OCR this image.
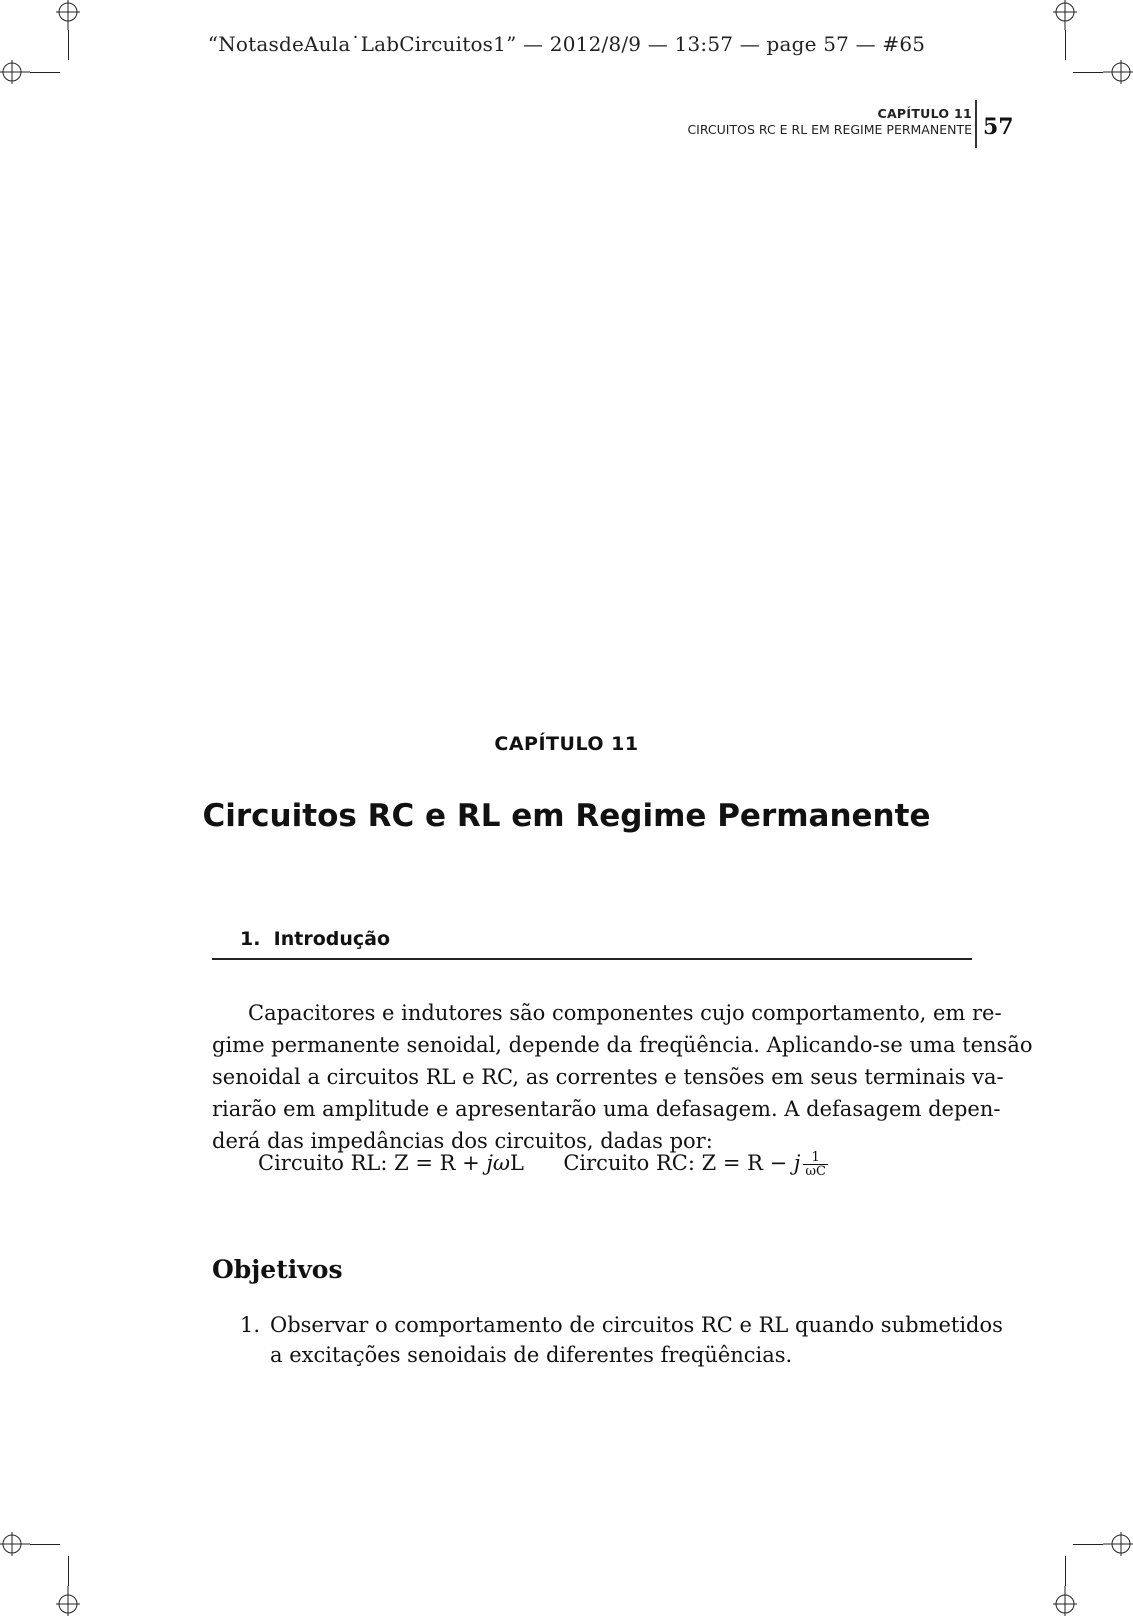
“NotasdeAula˙LabCircuitos1” — 2012/8/9 — 13:57 — page 57 — #65
CAPÍTULO 11
CIRCUITOS RC E RL EM REGIME PERMANENTE 57
CAPÍTULO 11
Circuitos RC e RL em Regime Permanente
1.  Introdução
Capacitores e indutores são componentes cujo comportamento, em re-
gime permanente senoidal, depende da freqüência. Aplicando-se uma tensão
senoidal a circuitos RL e RC, as correntes e tensões em seus terminais va-
riarão em amplitude e apresentarão uma defasagem. A defasagem depen-
derá das impedâncias dos circuitos, dadas por:
Circuito RL: Z = R + jωL Circuito RC: Z = R − j $\frac{1}{\omega C}$
Objetivos
1. Observar o comportamento de circuitos RC e RL quando submetidos
a excitações senoidais de diferentes freqüências.
